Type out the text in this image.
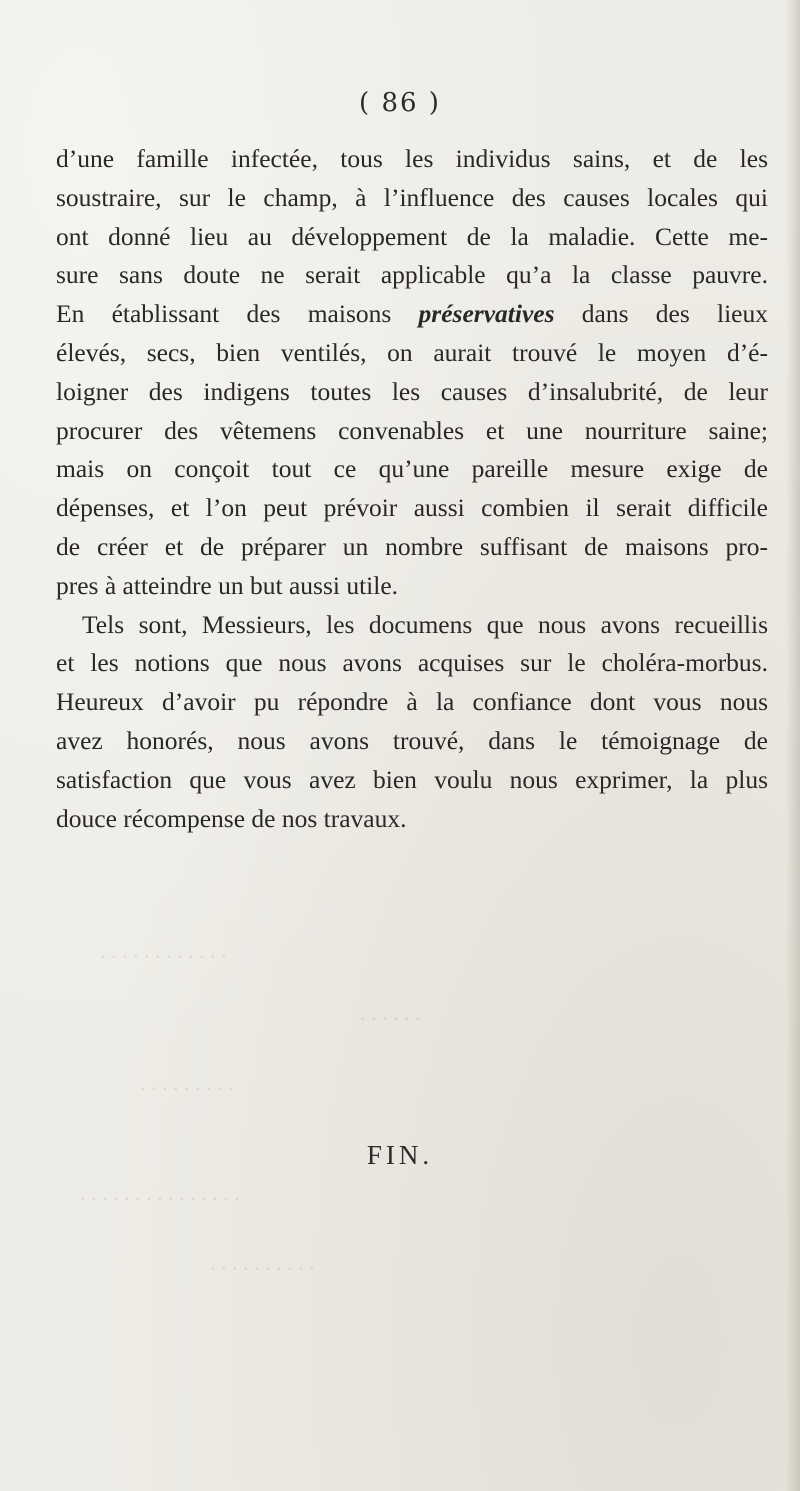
( 86 )

d’une famille infectée, tous les individus sains, et de les

soustraire, sur le champ, à l’influence des causes locales qui

ont donné lieu au développement de la maladie. Cette me-

sure sans doute ne serait applicable qu’a la classe pauvre.

En établissant des maisons préservatives dans des lieux

élevés, secs, bien ventilés, on aurait trouvé le moyen d’é-

loigner des indigens toutes les causes d’insalubrité, de leur

procurer des vêtemens convenables et une nourriture saine;

mais on conçoit tout ce qu’une pareille mesure exige de

dépenses, et l’on peut prévoir aussi combien il serait difficile

de créer et de préparer un nombre suffisant de maisons pro-

pres à atteindre un but aussi utile.

Tels sont, Messieurs, les documens que nous avons recueillis

et les notions que nous avons acquises sur le choléra-morbus.

Heureux d’avoir pu répondre à la confiance dont vous nous

avez honorés, nous avons trouvé, dans le témoignage de

satisfaction que vous avez bien voulu nous exprimer, la plus

douce récompense de nos travaux.

. . . . . . . . . . . .
. . . . . .
. . . . . . . . .
. . . . . . . . . . . . . . .
. . . . . . . . . .
FIN.
